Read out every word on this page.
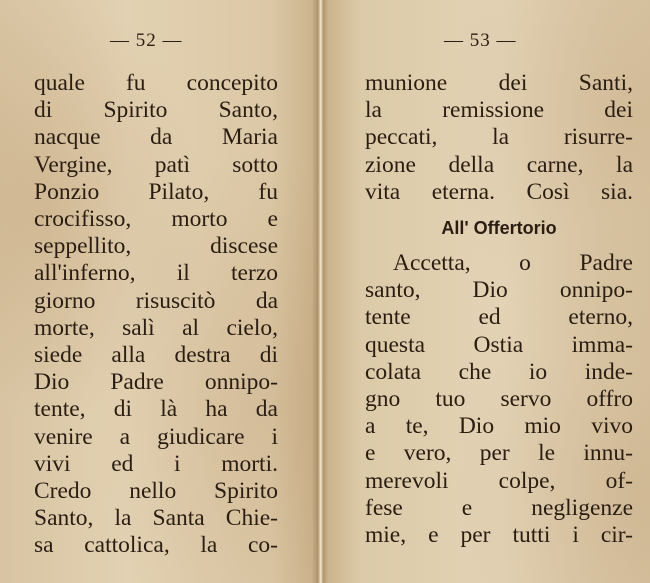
— 52 —
quale fu concepito
di Spirito Santo,
nacque da Maria
Vergine, patì sotto
Ponzio Pilato, fu
crocifisso, morto e
seppellito, discese
all'inferno, il terzo
giorno risuscitò da
morte, salì al cielo,
siede alla destra di
Dio Padre onnipo-
tente, di là ha da
venire a giudicare i
vivi ed i morti.
Credo nello Spirito
Santo, la Santa Chie-
sa cattolica, la co-
— 53 —
munione dei Santi,
la remissione dei
peccati, la risurre-
zione della carne, la
vita eterna. Così sia.
All' Offertorio
Accetta, o Padre
santo, Dio onnipo-
tente ed eterno,
questa Ostia imma-
colata che io inde-
gno tuo servo offro
a te, Dio mio vivo
e vero, per le innu-
merevoli colpe, of-
fese e negligenze
mie, e per tutti i cir-
